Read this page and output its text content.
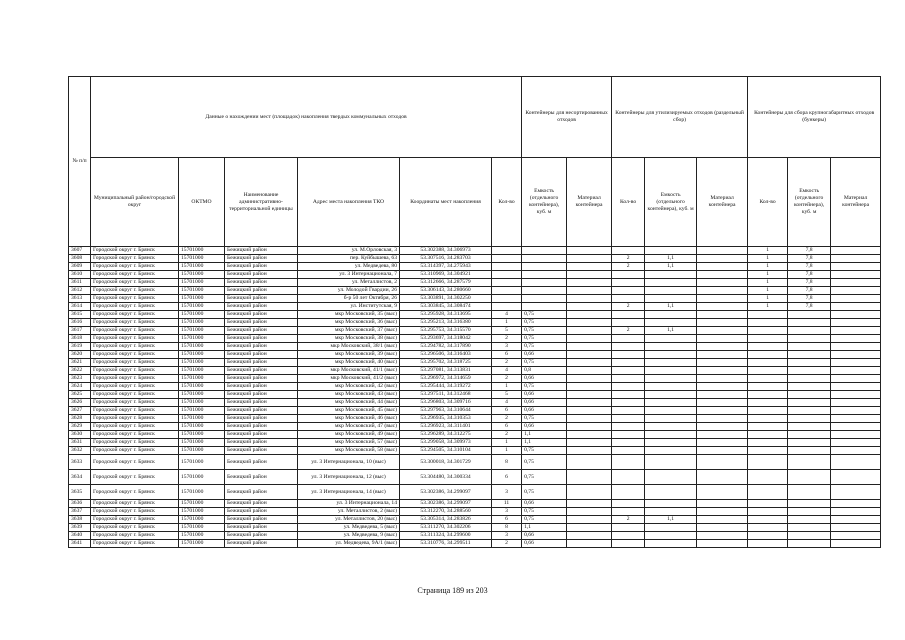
№ п/п	Данные о нахождении мест (площадок) накопления твердых коммунальных отходов						Контейнеры для несортированных отходов		Контейнеры для утилизируемых отходов (раздельный сбор)			Контейнеры для сбора крупногабаритных отходов (бункеры)		
	Муниципальный район/городской округ	ОКТМО	Наименование административно-территориальной единицы	Адрес места накопления ТКО	Координаты мест накопления	Кол-во	Емкость (отдельного контейнера), куб. м	Материал контейнера	Кол-во	Емкость (отдельного контейнера), куб. м	Материал контейнера	Кол-во	Емкость (отдельного контейнера), куб. м	Материал контейнера
3607	Городской округ г. Брянск	15701000	Бежицкий район	ул. М.Орловская, 3	53.302388, 34.306973							1	7,8	
3608	Городской округ г. Брянск	15701000	Бежицкий район	пер. Куйбышева, 63	53.307516, 34.283703				2	1,1		1	7,8	
3609	Городской округ г. Брянск	15701000	Бежицкий район	ул. Медведева, 80	53.314397, 34.275943				2	1,1		1	7,8	
3610	Городской округ г. Брянск	15701000	Бежицкий район	ул. 3 Интернационала, 7	53.310969, 34.304921							1	7,8	
3611	Городской округ г. Брянск	15701000	Бежицкий район	ул. Металлистов, 2	53.312666, 34.287579							1	7,8	
3612	Городской округ г. Брянск	15701000	Бежицкий район	ул. Молодой Гвардии, 26	53.306143, 34.280660							1	7,8	
3613	Городской округ г. Брянск	15701000	Бежицкий район	б-р 50 лет Октября, 26	53.303891, 34.302250							1	7,8	
3614	Городской округ г. Брянск	15701000	Бежицкий район	ул. Институтская, 9	53.303845, 34.308474				2	1,1		1	7,8	
3615	Городской округ г. Брянск	15701000	Бежицкий район	мкр Московский, 35 (выс)	53.295928, 34.313695	4	0,75							
3616	Городской округ г. Брянск	15701000	Бежицкий район	мкр Московский, 36 (выс)	53.295213, 34.316380	1	0,75							
3617	Городской округ г. Брянск	15701000	Бежицкий район	мкр Московский, 37 (выс)	53.295753, 34.315570	5	0,75		2	1,1				
3618	Городской округ г. Брянск	15701000	Бежицкий район	мкр Московский, 38 (выс)	53.293697, 34.318042	2	0,75							
3619	Городской округ г. Брянск	15701000	Бежицкий район	мкр Московский, 38/1 (выс)	53.294782, 34.317890	3	0,75							
3620	Городской округ г. Брянск	15701000	Бежицкий район	мкр Московский, 39 (выс)	53.296506, 34.316403	6	0,66							
3621	Городской округ г. Брянск	15701000	Бежицкий район	мкр Московский, 40 (выс)	53.295702, 34.318725	2	0,75							
3622	Городской округ г. Брянск	15701000	Бежицкий район	мкр Московский, 41/1 (выс)	53.297081, 34.313831	4	0,8							
3623	Городской округ г. Брянск	15701000	Бежицкий район	мкр Московский, 41/2 (выс)	53.296972, 34.314659	2	0,66							
3624	Городской округ г. Брянск	15701000	Бежицкий район	мкр Московский, 42 (выс)	53.295444, 34.319272	1	0,75							
3625	Городской округ г. Брянск	15701000	Бежицкий район	мкр Московский, 43 (выс)	53.297511, 34.312468	5	0,66							
3626	Городской округ г. Брянск	15701000	Бежицкий район	мкр Московский, 44 (выс)	53.296803, 34.309716	4	0,66							
3627	Городской округ г. Брянск	15701000	Бежицкий район	мкр Московский, 45 (выс)	53.297963, 34.310644	6	0,66							
3628	Городской округ г. Брянск	15701000	Бежицкий район	мкр Московский, 46 (выс)	53.296935, 34.310353	2	0,75							
3629	Городской округ г. Брянск	15701000	Бежицкий район	мкр Московский, 47 (выс)	53.296923, 34.311401	6	0,66							
3630	Городской округ г. Брянск	15701000	Бежицкий район	мкр Московский, 49 (выс)	53.296289, 34.312275	2	1,1							
3631	Городской округ г. Брянск	15701000	Бежицкий район	мкр Московский, 57 (выс)	53.299058, 34.309973	1	1,1							
3632	Городской округ г. Брянск	15701000	Бежицкий район	мкр Московский, 58 (выс)	53.294505, 34.310104	1	0,75							
3633	Городской округ г. Брянск	15701000	Бежицкий район	ул. 3 Интернационала, 10 (выс)	53.300018, 34.301729	8	0,75							
3634	Городской округ г. Брянск	15701000	Бежицкий район	ул. 3 Интернационала, 12 (выс)	53.304480, 34.300334	6	0,75							
3635	Городской округ г. Брянск	15701000	Бежицкий район	ул. 3 Интернационала, 14 (выс)	53.302386, 34.299097	3	0,75							
3636	Городской округ г. Брянск	15701000	Бежицкий район	ул. 3 Интернационала, 14	53.302386, 34.299097	11	0,66							
3637	Городской округ г. Брянск	15701000	Бежицкий район	ул. Металлистов, 2 (выс)	53.312270, 34.288560	3	0,75							
3638	Городской округ г. Брянск	15701000	Бежицкий район	ул. Металлистов, 20 (выс)	53.305314, 34.283826	6	0,75		2	1,1				
3639	Городской округ г. Брянск	15701000	Бежицкий район	ул. Медведева, 5 (выс)	53.311270, 34.302206	8	1,1							
3640	Городской округ г. Брянск	15701000	Бежицкий район	ул. Медведева, 9 (выс)	53.311324, 34.299600	3	0,66							
3641	Городской округ г. Брянск	15701000	Бежицкий район	ул. Медведева, 9А/1 (выс)	53.310776, 34.299511	2	0,66							
Страница 189 из 203
